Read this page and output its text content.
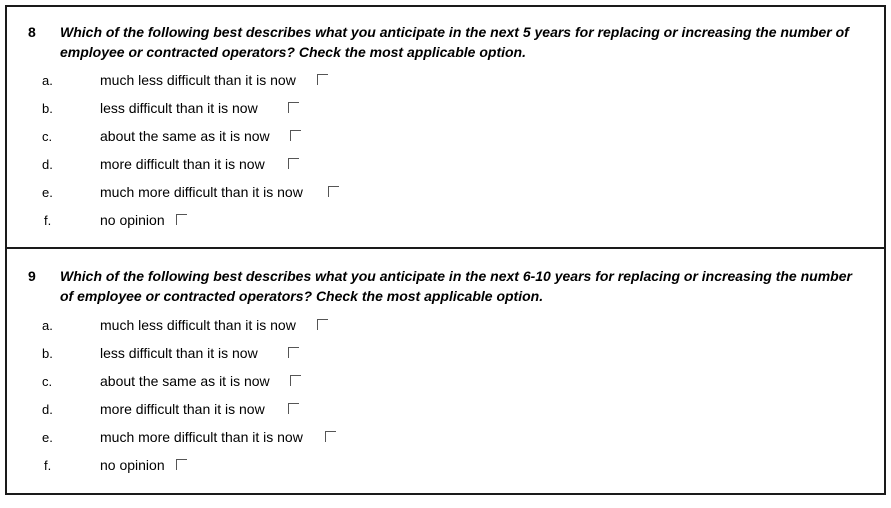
8 Which of the following best describes what you anticipate in the next 5 years for replacing or increasing the number of employee or contracted operators? Check the most applicable option.
a.	much less difficult than it is now
b.	less difficult than it is now
c.	about the same as it is now
d.	more difficult than it is now
e.	much more difficult than it is now
f.	no opinion
9 Which of the following best describes what you anticipate in the next 6-10 years for replacing or increasing the number of employee or contracted operators? Check the most applicable option.
a.	much less difficult than it is now
b.	less difficult than it is now
c.	about the same as it is now
d.	more difficult than it is now
e.	much more difficult than it is now
f.	no opinion
